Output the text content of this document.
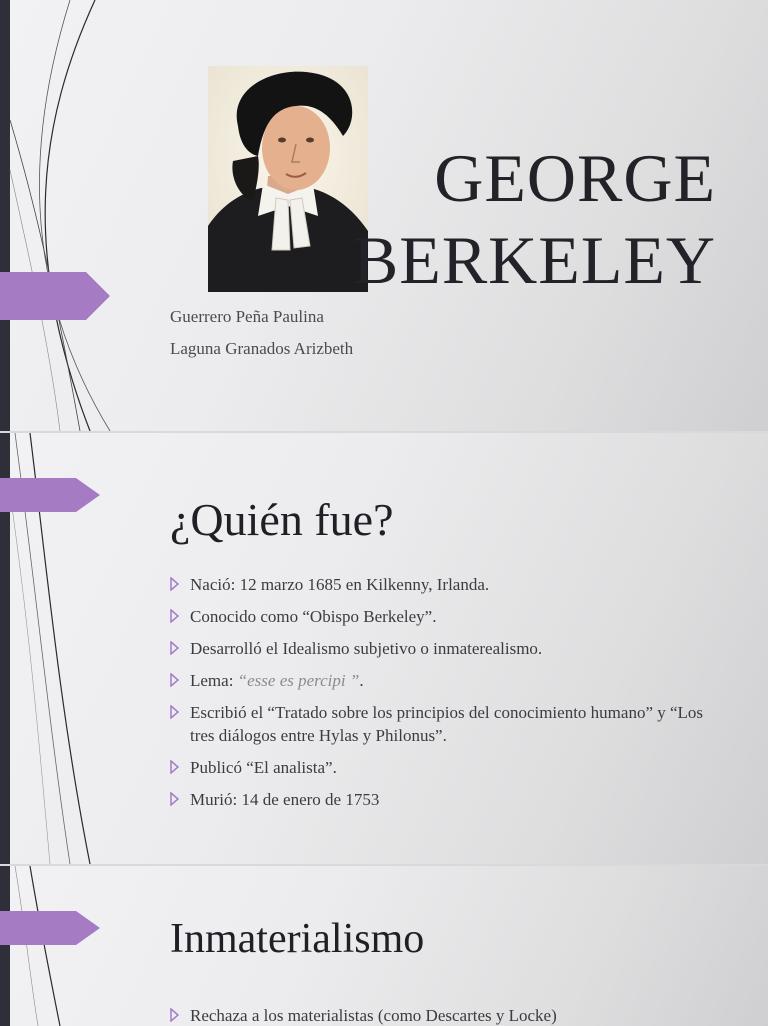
GEORGE
BERKELEY
Guerrero Peña Paulina
Laguna Granados Arizbeth
¿Quién fue?
Nació: 12 marzo 1685 en Kilkenny, Irlanda.
Conocido como “Obispo Berkeley”.
Desarrolló el Idealismo subjetivo o inmaterealismo.
Lema: “esse es percipi ”.
Escribió el “Tratado sobre los principios del conocimiento humano” y “Los tres diálogos entre Hylas y Philonus”.
Publicó “El analista”.
Murió: 14 de enero de 1753
Inmaterialismo
Rechaza a los materialistas (como Descartes y Locke)
